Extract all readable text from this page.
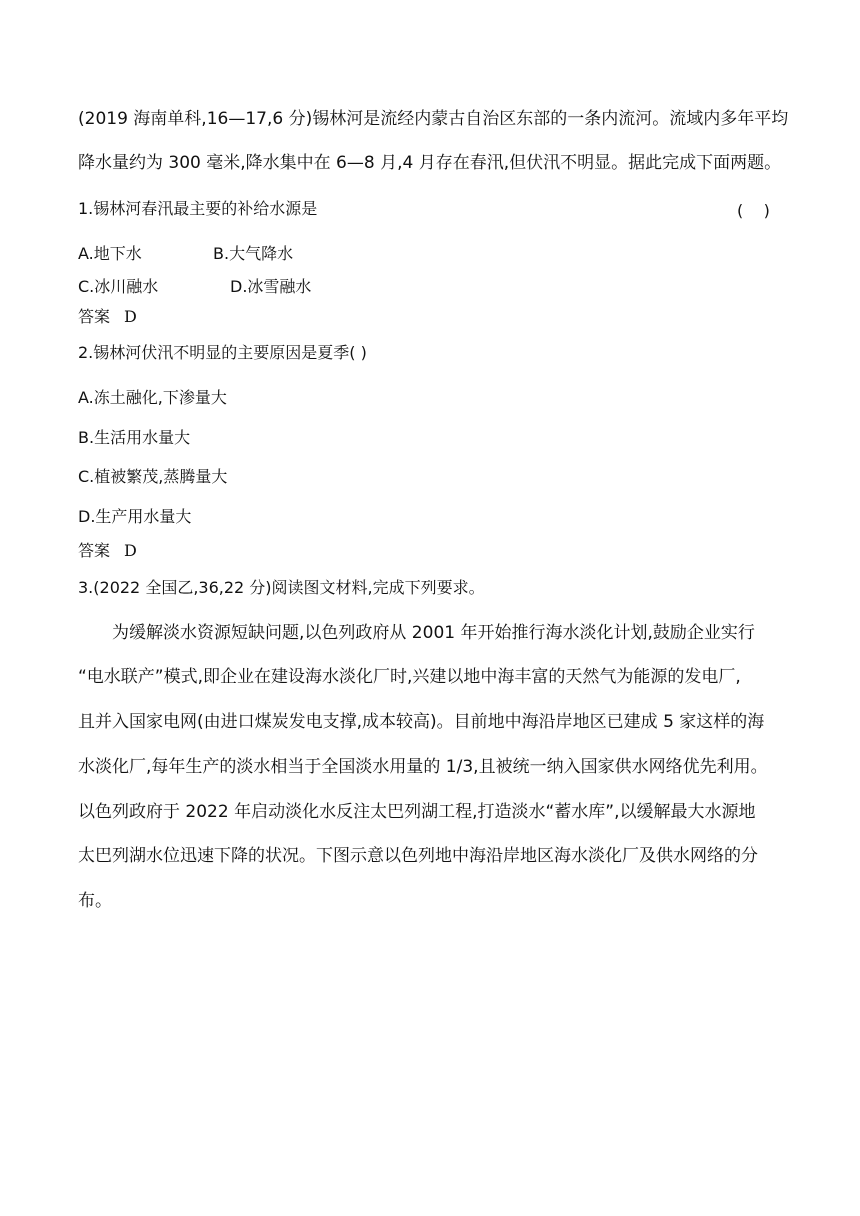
(2019 海南单科,16—17,6 分)锡林河是流经内蒙古自治区东部的一条内流河。流域内多年平均
降水量约为 300 毫米,降水集中在 6—8 月,4 月存在春汛,但伏汛不明显。据此完成下面两题。
1.锡林河春汛最主要的补给水源是	(    )
A.地下水	B.大气降水
C.冰川融水	D.冰雪融水
答案 D
2.锡林河伏汛不明显的主要原因是夏季( )
A.冻土融化,下渗量大
B.生活用水量大
C.植被繁茂,蒸腾量大
D.生产用水量大
答案 D
3.(2022 全国乙,36,22 分)阅读图文材料,完成下列要求。
为缓解淡水资源短缺问题,以色列政府从 2001 年开始推行海水淡化计划,鼓励企业实行
“电水联产”模式,即企业在建设海水淡化厂时,兴建以地中海丰富的天然气为能源的发电厂,
且并入国家电网(由进口煤炭发电支撑,成本较高)。目前地中海沿岸地区已建成 5 家这样的海
水淡化厂,每年生产的淡水相当于全国淡水用量的 1/3,且被统一纳入国家供水网络优先利用。
以色列政府于 2022 年启动淡化水反注太巴列湖工程,打造淡水“蓄水库”,以缓解最大水源地
太巴列湖水位迅速下降的状况。下图示意以色列地中海沿岸地区海水淡化厂及供水网络的分
布。
